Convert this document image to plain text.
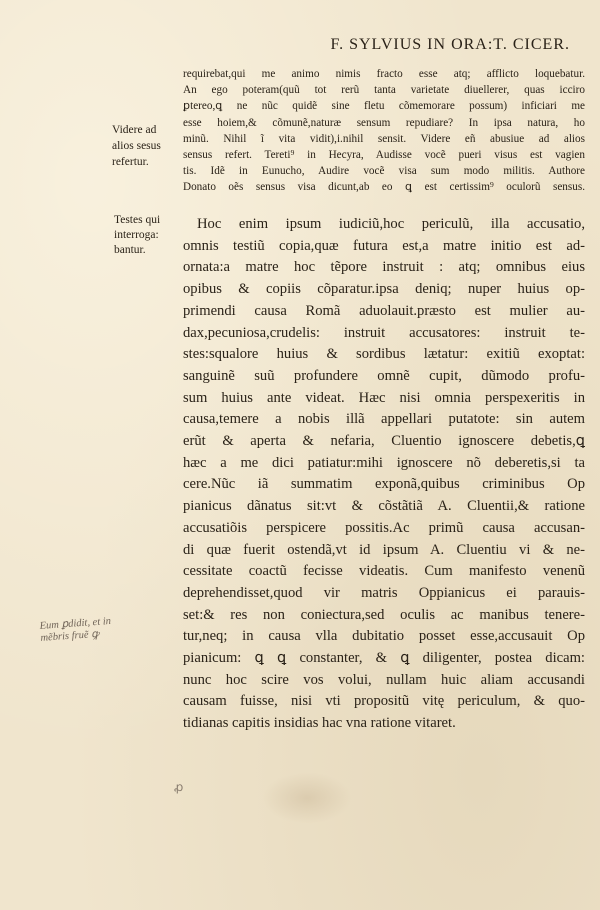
F. SYLVIUS IN ORA:T. CICER.
requirebat,qui me animo nimis fracto esse atq; afflicto loquebatur.
An ego poteram(quũ tot rerũ tanta varietate diuellerer, quas icciro
ꝑtereo,ꝗ ne nũc quidẽ sine fletu cõmemorare possum) inficiari me
esse hoiem,& cõmunẽ,naturæ sensum repudiare? In ipsa natura, ho
minũ. Nihil ĩ vita vidit),i.nihil sensit. Videre eñ abusiue ad alios
sensus refert. Tereti⁹ in Hecyra, Audisse vocẽ pueri visus est vagien
tis. Idẽ in Eunucho, Audire vocẽ visa sum modo militis. Authore
Donato oẽs sensus visa dicunt,ab eo ꝗ est certissim⁹ oculorũ sensus.
Videre ad
alios sesus
refertur.
Testes qui
interroga:
bantur.
Hoc enim ipsum iudiciũ,hoc periculũ, illa accusatio,
omnis testiũ copia,quæ futura est,a matre initio est ad-
ornata:a matre hoc tẽpore instruit : atq; omnibus eius
opibus & copiis cõparatur.ipsa deniq; nuper huius op-
primendi causa Romã aduolauit.præsto est mulier au-
dax,pecuniosa,crudelis: instruit accusatores: instruit te-
stes:squalore huius & sordibus lætatur: exitiũ exoptat:
sanguinẽ suũ profundere omnẽ cupit, dũmodo profu-
sum huius ante videat. Hæc nisi omnia perspexeritis in
causa,temere a nobis illã appellari putatote: sin autem
erũt & aperta & nefaria, Cluentio ignoscere debetis,ꝗ
hæc a me dici patiatur:mihi ignoscere nõ deberetis,si ta
cere.Nũc iã summatim exponã,quibus criminibus Op
pianicus dãnatus sit:vt & cõstãtiã A. Cluentii,& ratione
accusatiõis perspicere possitis.Ac primũ causa accusan-
di quæ fuerit ostendã,vt id ipsum A. Cluentiu vi & ne-
cessitate coactũ fecisse videatis. Cum manifesto venenũ
deprehendisset,quod vir matris Oppianicus ei parauis-
set:& res non coniectura,sed oculis ac manibus tenere-
tur,neq; in causa vlla dubitatio posset esse,accusauit Op
pianicum: ꝗ ꝗ constanter, & ꝗ diligenter, postea dicam:
nunc hoc scire vos volui, nullam huic aliam accusandi
causam fuisse, nisi vti propositũ vitę periculum, & quo-
tidianas capitis insidias hac vna ratione vitaret.
Eum ꝑdidit, et in
mẽbris fruẽ ꝙ
ꝓ
